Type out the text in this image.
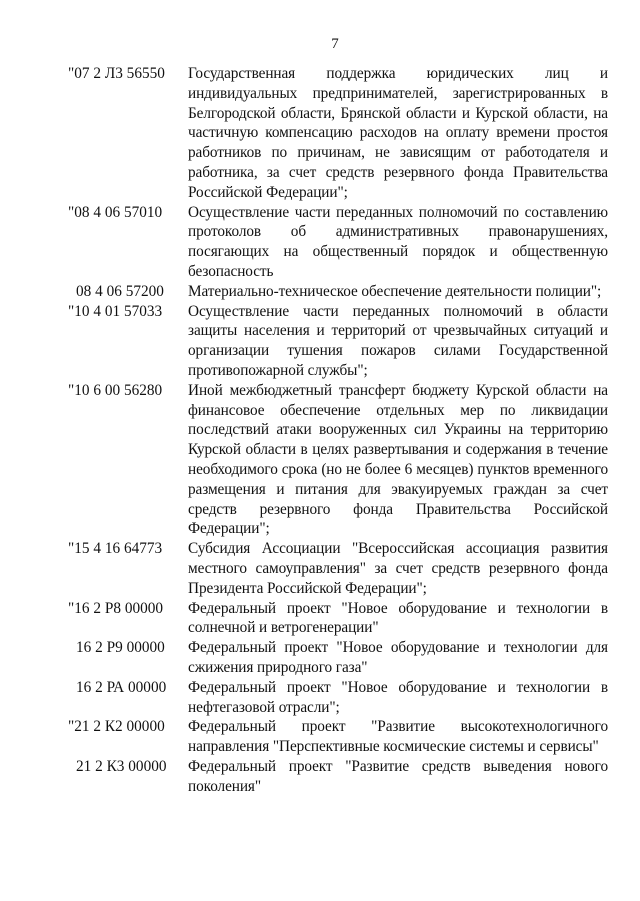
7
"07 2 Л3 56550	Государственная поддержка юридических лиц и индивидуальных предпринимателей, зарегистрированных в Белгородской области, Брянской области и Курской области, на частичную компенсацию расходов на оплату времени простоя работников по причинам, не зависящим от работодателя и работника, за счет средств резервного фонда Правительства Российской Федерации";
"08 4 06 57010	Осуществление части переданных полномочий по составлению протоколов об административных правонарушениях, посягающих на общественный порядок и общественную безопасность
08 4 06 57200	Материально-техническое обеспечение деятельности полиции";
"10 4 01 57033	Осуществление части переданных полномочий в области защиты населения и территорий от чрезвычайных ситуаций и организации тушения пожаров силами Государственной противопожарной службы";
"10 6 00 56280	Иной межбюджетный трансферт бюджету Курской области на финансовое обеспечение отдельных мер по ликвидации последствий атаки вооруженных сил Украины на территорию Курской области в целях развертывания и содержания в течение необходимого срока (но не более 6 месяцев) пунктов временного размещения и питания для эвакуируемых граждан за счет средств резервного фонда Правительства Российской Федерации";
"15 4 16 64773	Субсидия Ассоциации "Всероссийская ассоциация развития местного самоуправления" за счет средств резервного фонда Президента Российской Федерации";
"16 2 Р8 00000	Федеральный проект "Новое оборудование и технологии в солнечной и ветрогенерации"
16 2 Р9 00000	Федеральный проект "Новое оборудование и технологии для сжижения природного газа"
16 2 РА 00000	Федеральный проект "Новое оборудование и технологии в нефтегазовой отрасли";
"21 2 К2 00000	Федеральный проект "Развитие высокотехнологичного направления "Перспективные космические системы и сервисы"
21 2 К3 00000	Федеральный проект "Развитие средств выведения нового поколения"
